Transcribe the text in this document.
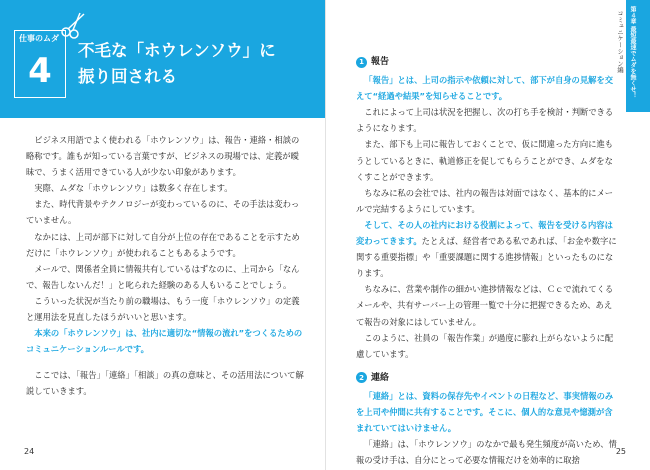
仕事のムダ
4
不毛な「ホウレンソウ」に
振り回される

ビジネス用語でよく使われる「ホウレンソウ」は、報告・連絡・相談の略称です。誰もが知っている言葉ですが、ビジネスの現場では、定義が曖昧で、うまく活用できている人が少ない印象があります。

実際、ムダな「ホウレンソウ」は数多く存在します。

また、時代背景やテクノロジーが変わっているのに、その手法は変わっていません。

なかには、上司が部下に対して自分が上位の存在であることを示すためだけに「ホウレンソウ」が使われることもあるようです。

メールで、関係者全員に情報共有しているはずなのに、上司から「なんで、報告しないんだ！」と叱られた経験のある人もいることでしょう。

こういった状況が当たり前の職場は、もう一度「ホウレンソウ」の定義と運用法を見直したほうがいいと思います。

本来の「ホウレンソウ」は、社内に適切な“情報の流れ”をつくるためのコミュニケーションルールです。

ここでは、「報告」「連絡」「相談」の真の意味と、その活用法について解説していきます。

24
第４章 最短最速でムダを無くせ！
コミュニケーション編
1 報告

「報告」とは、上司の指示や依頼に対して、部下が自身の見解を交えて“経過や結果”を知らせることです。

これによって上司は状況を把握し、次の打ち手を検討・判断できるようになります。

また、部下も上司に報告しておくことで、仮に間違った方向に進もうとしているときに、軌道修正を促してもらうことができ、ムダをなくすことができます。

ちなみに私の会社では、社内の報告は対面ではなく、基本的にメールで完結するようにしています。

そして、その人の社内における役割によって、報告を受ける内容は変わってきます。たとえば、経営者である私であれば、「お金や数字に関する重要指標」や「重要課題に関する進捗情報」といったものになります。

ちなみに、営業や制作の細かい進捗情報などは、Ｃｃで流れてくるメールや、共有サーバー上の管理一覧で十分に把握できるため、あえて報告の対象にはしていません。

このように、社員の「報告作業」が過度に膨れ上がらないように配慮しています。

2 連絡

「連絡」とは、資料の保存先やイベントの日程など、事実情報のみを上司や仲間に共有することです。そこに、個人的な意見や憶測が含まれていてはいけません。

「連絡」は、「ホウレンソウ」のなかで最も発生頻度が高いため、情報の受け手は、自分にとって必要な情報だけを効率的に取捨

25
